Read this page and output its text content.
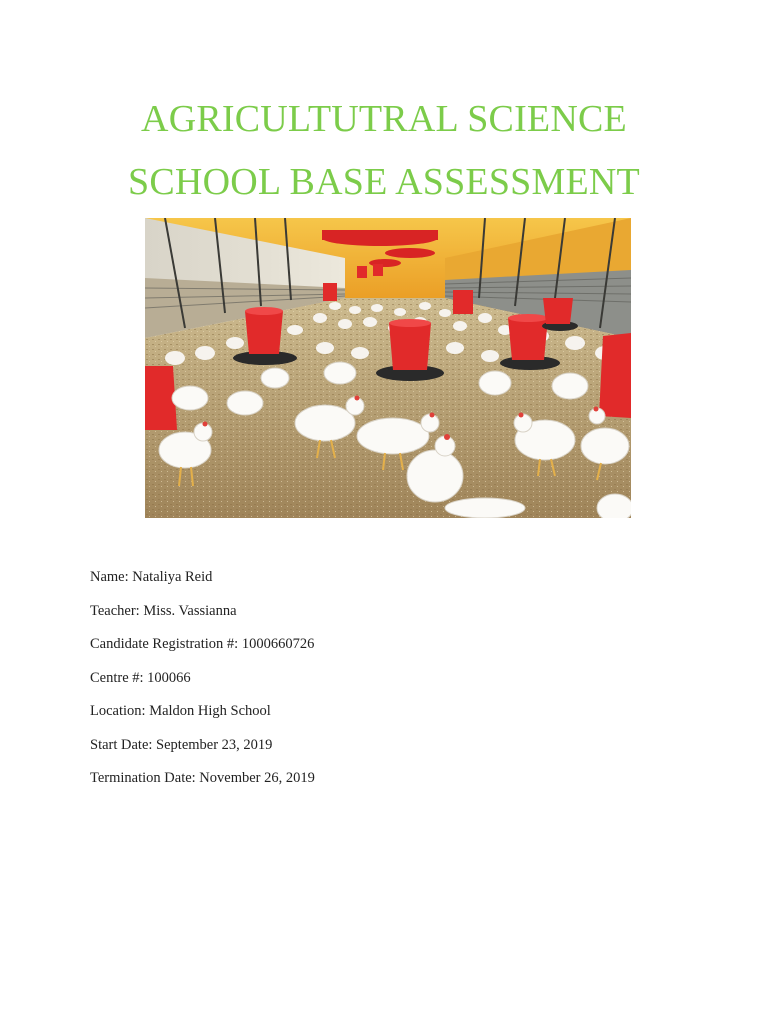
AGRICULTUTRAL SCIENCE
SCHOOL BASE ASSESSMENT

Name: Nataliya Reid

Teacher: Miss. Vassianna

Candidate Registration #: 1000660726

Centre #: 100066

Location: Maldon High School

Start Date: September 23, 2019

Termination Date: November 26, 2019
